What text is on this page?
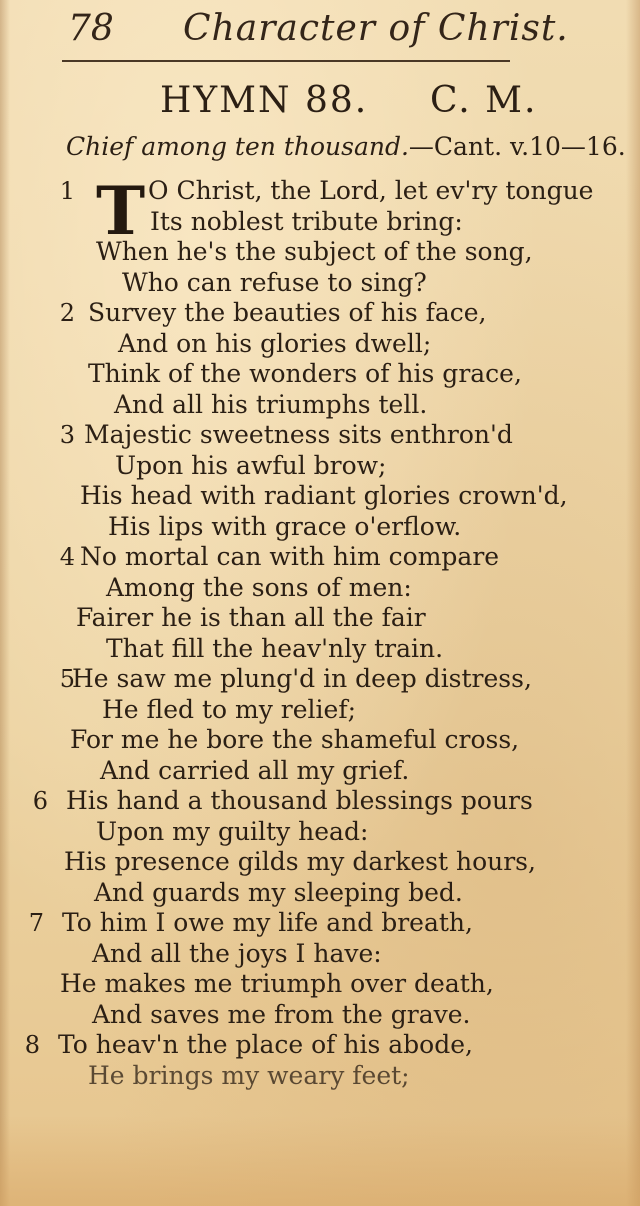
78 Character of Christ.
HYMN 88. C. M.
Chief among ten thousand.—Cant. v.10—16.
T
1	O Christ, the Lord, let ev'ry tongue
Its noblest tribute bring:
When he's the subject of the song,
Who can refuse to sing?
2 Survey the beauties of his face,
And on his glories dwell;
Think of the wonders of his grace,
And all his triumphs tell.
3 Majestic sweetness sits enthron'd
Upon his awful brow;
His head with radiant glories crown'd,
His lips with grace o'erflow.
4 No mortal can with him compare
Among the sons of men:
Fairer he is than all the fair
That fill the heav'nly train.
5
He saw me plung'd in deep distress,
He fled to my relief;
For me he bore the shameful cross,
And carried all my grief.
6 His hand a thousand blessings pours
Upon my guilty head:
His presence gilds my darkest hours,
And guards my sleeping bed.
7 To him I owe my life and breath,
And all the joys I have:
He makes me triumph over death,
And saves me from the grave.
8 To heav'n the place of his abode,
He brings my weary feet;
